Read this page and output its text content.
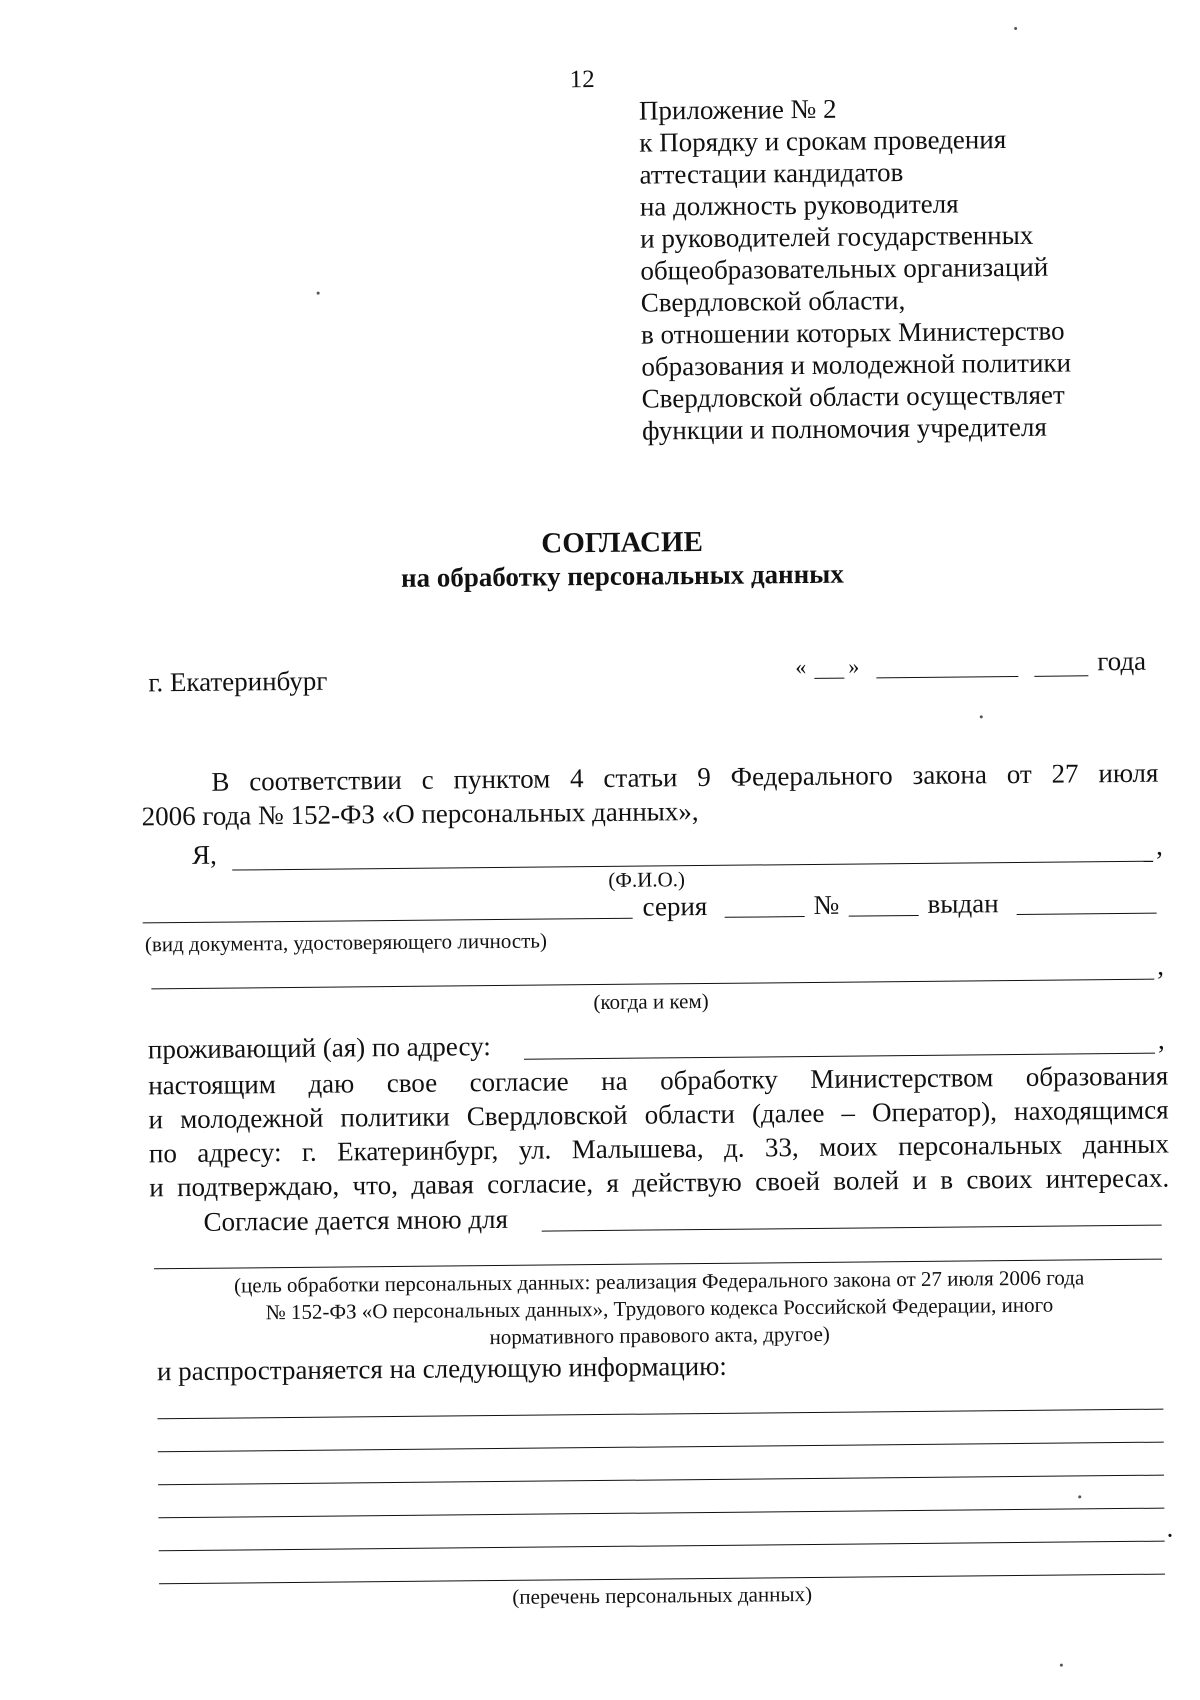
12
Приложение № 2
к Порядку и срокам проведения
аттестации кандидатов
на должность руководителя
и руководителей государственных
общеобразовательных организаций
Свердловской области,
в отношении которых Министерство
образования и молодежной политики
Свердловской области осуществляет
функции и полномочия учредителя
СОГЛАСИЕ
на обработку персональных данных
г. Екатеринбург	« »	года
В соответствии с пунктом 4 статьи 9 Федерального закона от 27 июля
2006 года № 152-ФЗ «О персональных данных»,
Я,	,
(Ф.И.О.)
серия	№	выдан
(вид документа, удостоверяющего личность)
,
(когда и кем)
проживающий (ая) по адресу:	,
настоящим даю свое согласие на обработку Министерством образования
и молодежной политики Свердловской области (далее – Оператор), находящимся
по адресу: г. Екатеринбург, ул. Малышева, д. 33, моих персональных данных
и подтверждаю, что, давая согласие, я действую своей волей и в своих интересах.
Согласие дается мною для
(цель обработки персональных данных: реализация Федерального закона от 27 июля 2006 года
№ 152-ФЗ «О персональных данных», Трудового кодекса Российской Федерации, иного
нормативного правового акта, другое)
и распространяется на следующую информацию:
.
(перечень персональных данных)
